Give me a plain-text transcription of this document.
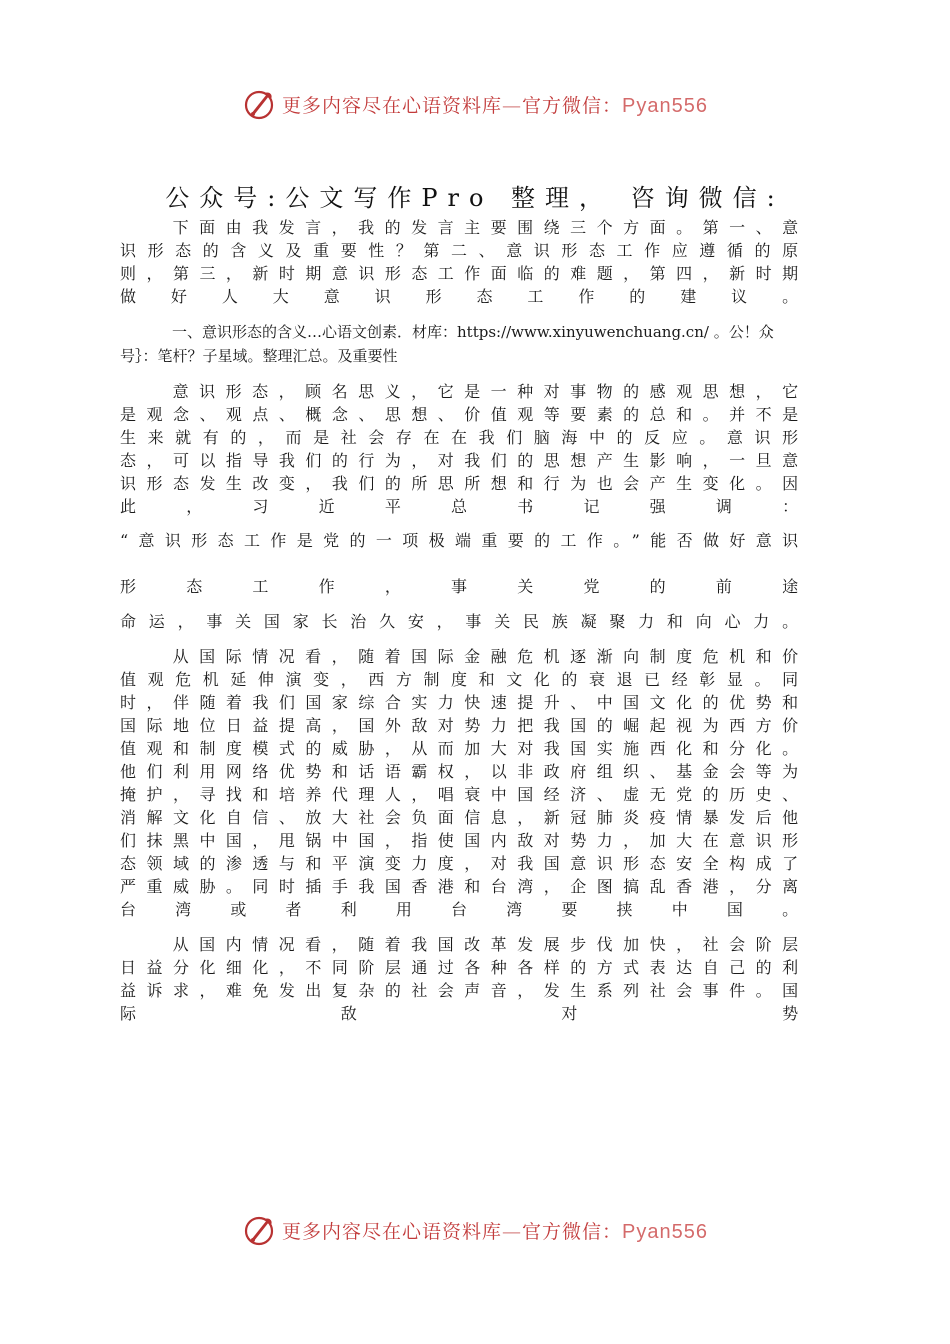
更多内容尽在心语资料库—官方微信：Pyan556
公众号:公文写作Pro 整理， 咨询微信:

下面由我发言，我的发言主要围绕三个方面。第一、意识形态的含义及重要性？第二、意识形态工作应遵循的原则，第三，新时期意识形态工作面临的难题，第四，新时期做好人大意识形态工作的建议。

一、意识形态的含义…心语文创素．材库：https://www.xinyuwenchuang.cn/ 。公！众号｝：笔杆？子星域。整理汇总。及重要性

意识形态，顾名思义，它是一种对事物的感观思想，它是观念、观点、概念、思想、价值观等要素的总和。并不是生来就有的，而是社会存在在我们脑海中的反应。意识形态，可以指导我们的行为，对我们的思想产生影响，一旦意识形态发生改变，我们的所思所想和行为也会产生变化。因此，习近平总书记强调：

“意识形态工作是党的一项极端重要的工作。”能否做好意识形态工作，事关党的前途

命运，事关国家长治久安，事关民族凝聚力和向心力。

从国际情况看，随着国际金融危机逐渐向制度危机和价值观危机延伸演变，西方制度和文化的衰退已经彰显。同时，伴随着我们国家综合实力快速提升、中国文化的优势和国际地位日益提高，国外敌对势力把我国的崛起视为西方价值观和制度模式的威胁，从而加大对我国实施西化和分化。他们利用网络优势和话语霸权，以非政府组织、基金会等为掩护，寻找和培养代理人，唱衰中国经济、虚无党的历史、消解文化自信、放大社会负面信息，新冠肺炎疫情暴发后他们抹黑中国，甩锅中国，指使国内敌对势力，加大在意识形态领域的渗透与和平演变力度，对我国意识形态安全构成了严重威胁。同时插手我国香港和台湾，企图搞乱香港，分离台湾或者利用台湾要挟中国。

从国内情况看，随着我国改革发展步伐加快，社会阶层日益分化细化，不同阶层通过各种各样的方式表达自己的利益诉求，难免发出复杂的社会声音，发生系列社会事件。国际敌对势

更多内容尽在心语资料库—官方微信：Pyan556
